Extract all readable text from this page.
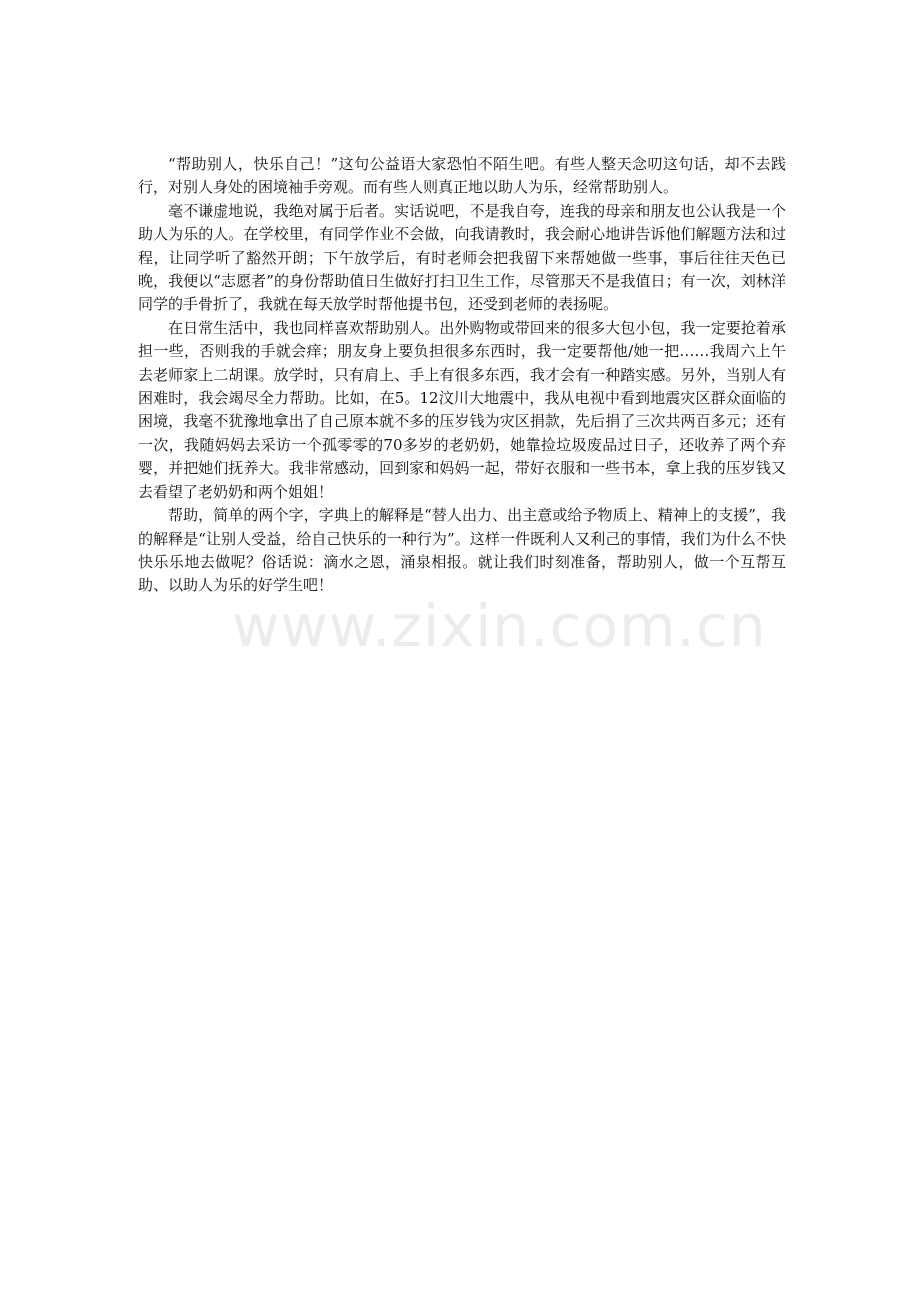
“帮助别人，快乐自己！”这句公益语大家恐怕不陌生吧。有些人整天念叨这句话，却不去践行，对别人身处的困境袖手旁观。而有些人则真正地以助人为乐，经常帮助别人。

毫不谦虚地说，我绝对属于后者。实话说吧，不是我自夸，连我的母亲和朋友也公认我是一个助人为乐的人。在学校里，有同学作业不会做，向我请教时，我会耐心地讲告诉他们解题方法和过程，让同学听了豁然开朗；下午放学后，有时老师会把我留下来帮她做一些事，事后往往天色已晚，我便以“志愿者”的身份帮助值日生做好打扫卫生工作，尽管那天不是我值日；有一次，刘林洋同学的手骨折了，我就在每天放学时帮他提书包，还受到老师的表扬呢。

在日常生活中，我也同样喜欢帮助别人。出外购物或带回来的很多大包小包，我一定要抢着承担一些，否则我的手就会痒；朋友身上要负担很多东西时，我一定要帮他/她一把……我周六上午去老师家上二胡课。放学时，只有肩上、手上有很多东西，我才会有一种踏实感。另外，当别人有困难时，我会竭尽全力帮助。比如，在5。12汶川大地震中，我从电视中看到地震灾区群众面临的困境，我毫不犹豫地拿出了自己原本就不多的压岁钱为灾区捐款，先后捐了三次共两百多元；还有一次，我随妈妈去采访一个孤零零的70多岁的老奶奶，她靠捡垃圾废品过日子，还收养了两个弃婴，并把她们抚养大。我非常感动，回到家和妈妈一起，带好衣服和一些书本，拿上我的压岁钱又去看望了老奶奶和两个姐姐！

帮助，简单的两个字，字典上的解释是“替人出力、出主意或给予物质上、精神上的支援”，我的解释是“让别人受益，给自己快乐的一种行为”。这样一件既利人又利己的事情，我们为什么不快快乐乐地去做呢？俗话说：滴水之恩，涌泉相报。就让我们时刻准备，帮助别人，做一个互帮互助、以助人为乐的好学生吧！

www.zixin.com.cn
